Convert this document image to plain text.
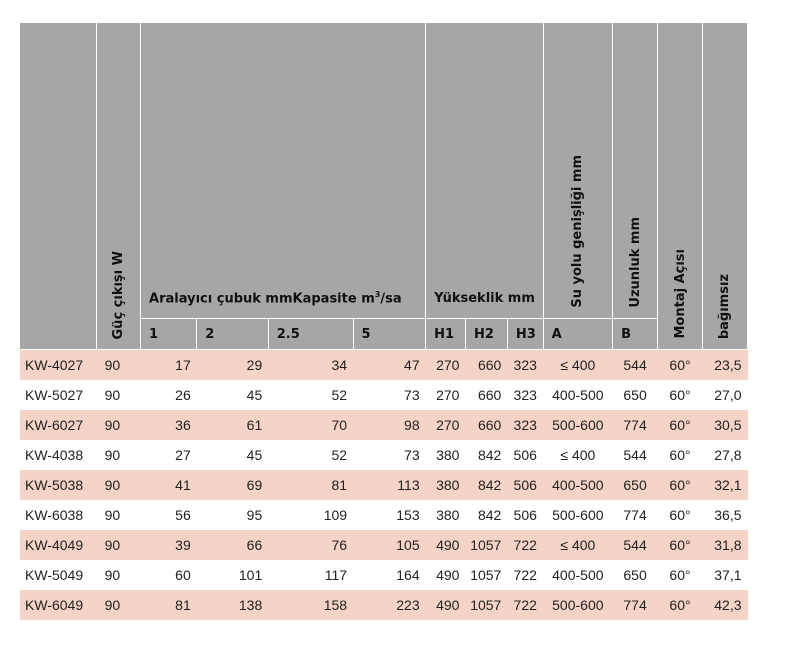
	Güç çıkışı W	Aralayıcı çubuk mmKapasite $m^3/sa$				Yükseklik mm			Su yolu genişliği mm	Uzunluk mm	Montaj Açısı	bağımsız
		1	2	2.5	5	H1	H2	H3	A	B		
KW-4027	90	17	29	34	47	270	660	323	≤ 400	544	60°	23,5
KW-5027	90	26	45	52	73	270	660	323	400-500	650	60°	27,0
KW-6027	90	36	61	70	98	270	660	323	500-600	774	60°	30,5
KW-4038	90	27	45	52	73	380	842	506	≤ 400	544	60°	27,8
KW-5038	90	41	69	81	113	380	842	506	400-500	650	60°	32,1
KW-6038	90	56	95	109	153	380	842	506	500-600	774	60°	36,5
KW-4049	90	39	66	76	105	490	1057	722	≤ 400	544	60°	31,8
KW-5049	90	60	101	117	164	490	1057	722	400-500	650	60°	37,1
KW-6049	90	81	138	158	223	490	1057	722	500-600	774	60°	42,3
